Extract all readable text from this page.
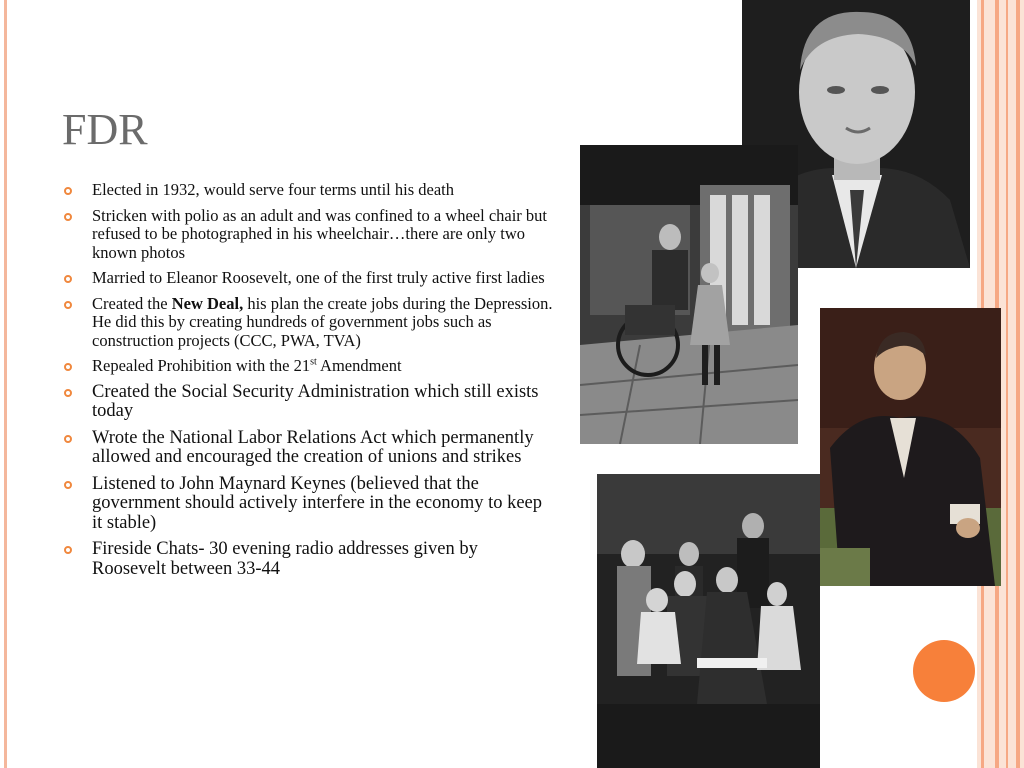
FDR
Elected in 1932, would serve four terms until his death
Stricken with polio as an adult and was confined to a wheel chair but refused to be photographed in his wheelchair…there are only two known photos
Married to Eleanor Roosevelt, one of the first truly active first ladies
Created the New Deal, his plan the create jobs during the Depression. He did this by creating hundreds of government jobs such as construction projects (CCC, PWA, TVA)
Repealed Prohibition with the 21st Amendment
Created the Social Security Administration which still exists today
Wrote the National Labor Relations Act which permanently allowed and encouraged the creation of unions and strikes
Listened to John Maynard Keynes (believed that the government should actively interfere in the economy to keep it stable)
Fireside Chats- 30 evening radio addresses given by Roosevelt between 33-44
